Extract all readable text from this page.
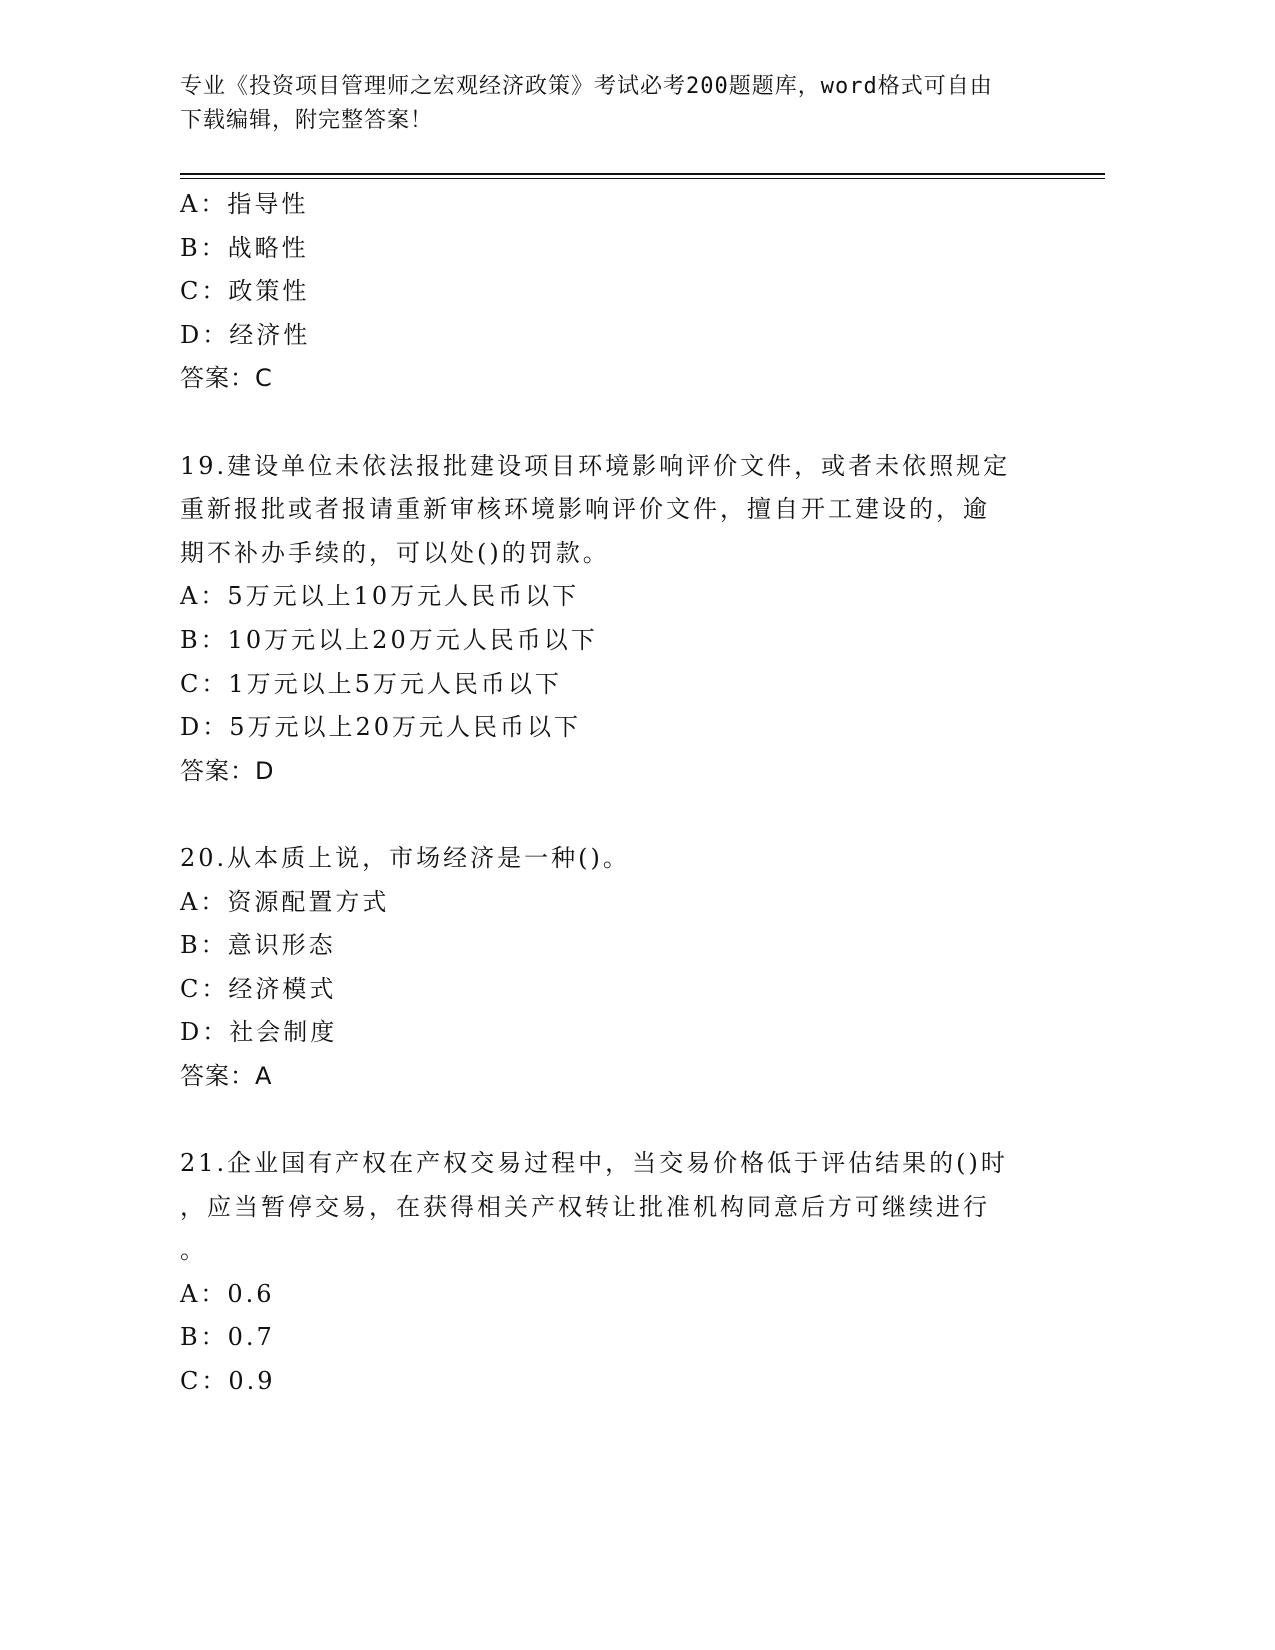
专业《投资项目管理师之宏观经济政策》考试必考200题题库，word格式可自由
下载编辑，附完整答案！
A：指导性
B：战略性
C：政策性
D：经济性
答案：C
19.建设单位未依法报批建设项目环境影响评价文件，或者未依照规定
重新报批或者报请重新审核环境影响评价文件，擅自开工建设的，逾
期不补办手续的，可以处()的罚款。
A：5万元以上10万元人民币以下
B：10万元以上20万元人民币以下
C：1万元以上5万元人民币以下
D：5万元以上20万元人民币以下
答案：D
20.从本质上说，市场经济是一种()。
A：资源配置方式
B：意识形态
C：经济模式
D：社会制度
答案：A
21.企业国有产权在产权交易过程中，当交易价格低于评估结果的()时
，应当暂停交易，在获得相关产权转让批准机构同意后方可继续进行
。
A：0.6
B：0.7
C：0.9
